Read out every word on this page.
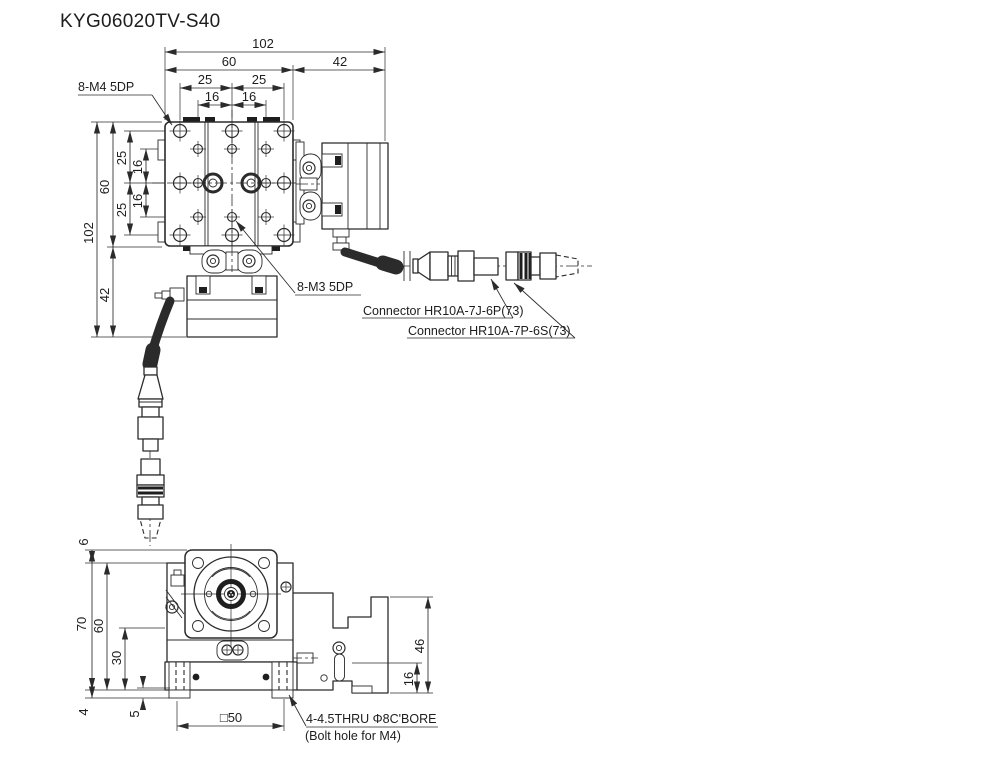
KYG06020TV-S40
102
60	42
25	25
16 16
102
60
42
25
16
16
25
8-M4 5DP
8-M3 5DP
Connector HR10A-7J-6P(73)
Connector HR10A-7P-6S(73)
6
70
4
60
30
5
46
16
□50	4-4.5THRU Φ8C'BORE
(Bolt hole for M4)
